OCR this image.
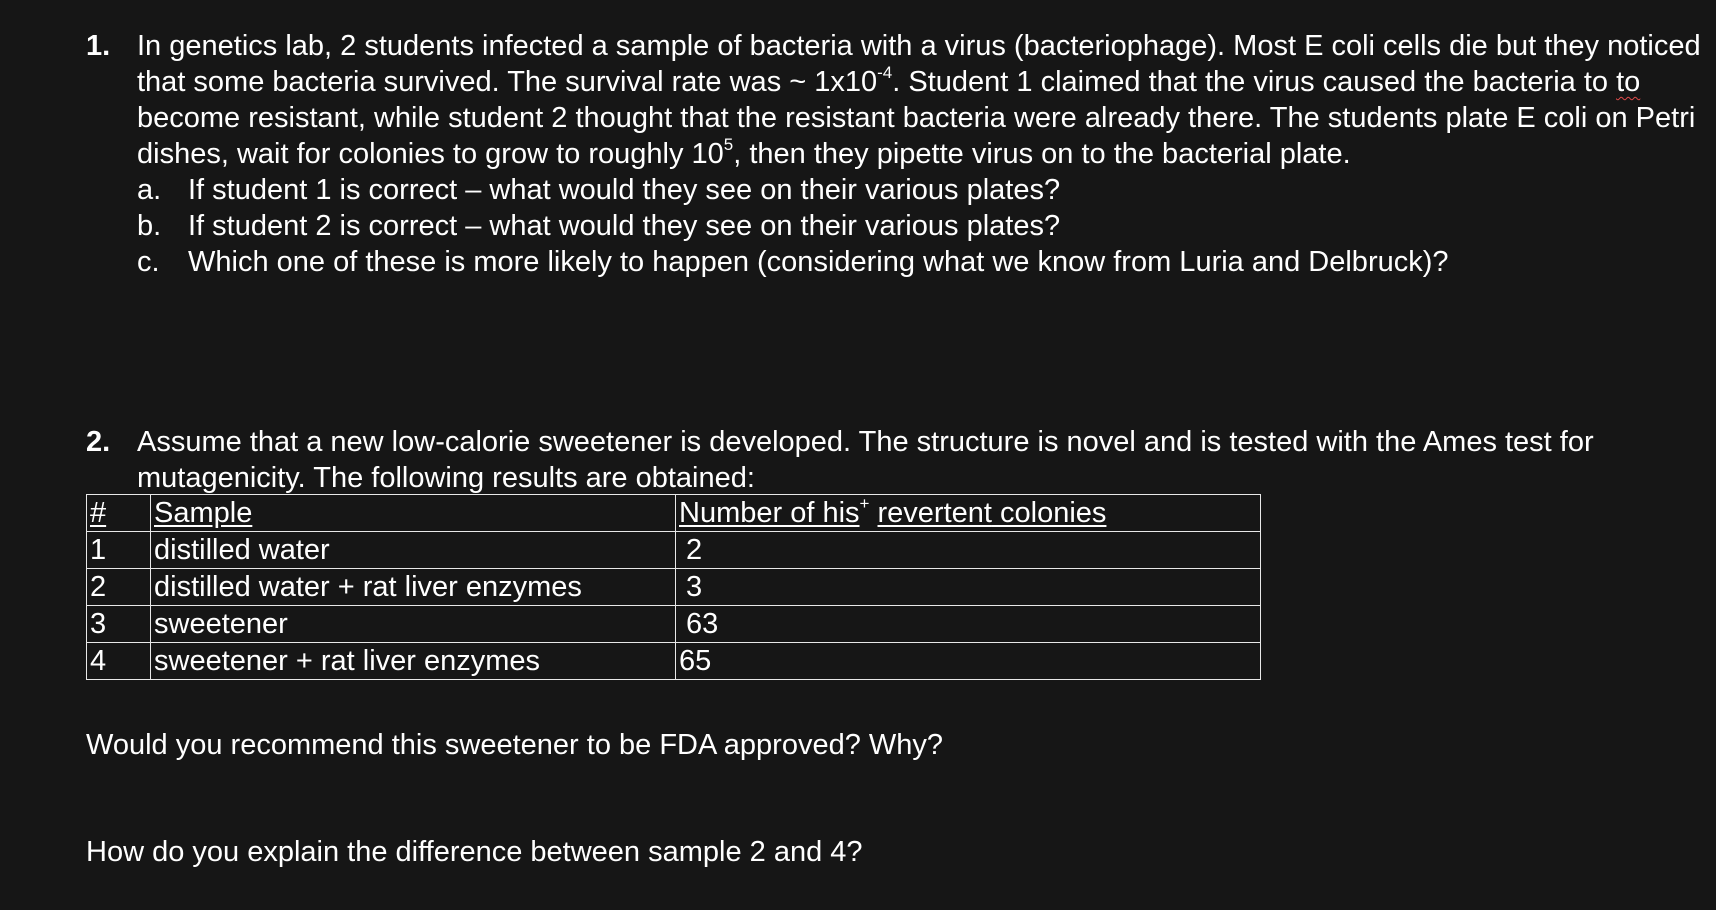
1. In genetics lab, 2 students infected a sample of bacteria with a virus (bacteriophage). Most E coli cells die but they noticed that some bacteria survived. The survival rate was ~ $1x10^{-4}$. Student 1 claimed that the virus caused the bacteria to to become resistant, while student 2 thought that the resistant bacteria were already there. The students plate E coli on Petri dishes, wait for colonies to grow to roughly $10^5$, then they pipette virus on to the bacterial plate.

a. If student 1 is correct – what would they see on their various plates?
b. If student 2 is correct – what would they see on their various plates?
c. Which one of these is more likely to happen (considering what we know from Luria and Delbruck)?
2. Assume that a new low-calorie sweetener is developed. The structure is novel and is tested with the Ames test for mutagenicity. The following results are obtained:

#	Sample	Number of his+ revertent colonies
1	distilled water	2
2	distilled water + rat liver enzymes	3
3	sweetener	63
4	sweetener + rat liver enzymes	65
Would you recommend this sweetener to be FDA approved? Why?
How do you explain the difference between sample 2 and 4?
